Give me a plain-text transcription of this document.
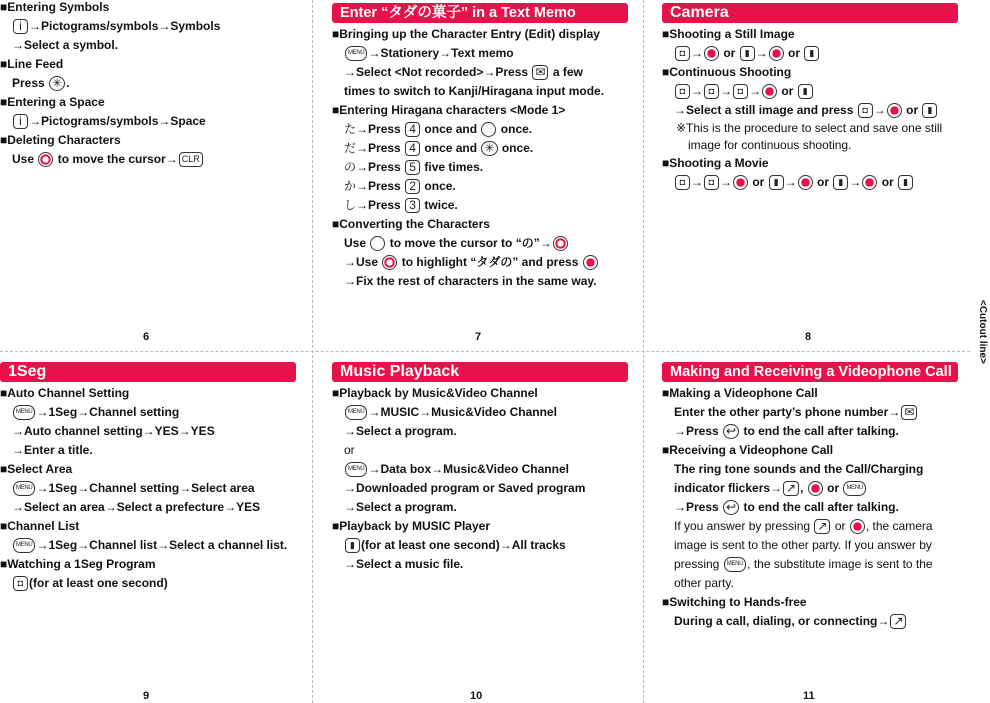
<Cutout line>
■Entering Symbols
i →Pictograms/symbols→Symbols
→Select a symbol.
■Line Feed
Press ✳ .
■Entering a Space
i →Pictograms/symbols→Space
■Deleting Characters
Use to move the cursor→ CLR
6
Enter “タダの菓子” in a Text Memo
■Bringing up the Character Entry (Edit) display
MENU →Stationery→Text memo
→Select <Not recorded>→Press ✉ a few
times to switch to Kanji/Hiragana input mode.
■Entering Hiragana characters <Mode 1>
た→Press 4 once and once.
だ→Press 4 once and ✳ once.
の→Press 5 five times.
か→Press 2 once.
し→Press 3 twice.
■Converting the Characters
Use to move the cursor to “の”→
→Use to highlight “タダの” and press
→Fix the rest of characters in the same way.
7
Camera
■Shooting a Still Image
◘ → or ▮ → or ▮
■Continuous Shooting
◘ → ◘ → ◘ → or ▮
→Select a still image and press ◘ → or ▮
※This is the procedure to select and save one still image for continuous shooting.
■Shooting a Movie
◘ → ◘ → or ▮ → or ▮ → or ▮
8
1Seg
■Auto Channel Setting
MENU →1Seg→Channel setting
→Auto channel setting→YES→YES
→Enter a title.
■Select Area
MENU →1Seg→Channel setting→Select area
→Select an area→Select a prefecture→YES
■Channel List
MENU →1Seg→Channel list→Select a channel list.
■Watching a 1Seg Program
◘ (for at least one second)
9
Music Playback
■Playback by Music&Video Channel
MENU →MUSIC→Music&Video Channel
→Select a program.
or
MENU →Data box→Music&Video Channel
→Downloaded program or Saved program
→Select a program.
■Playback by MUSIC Player
▮ (for at least one second)→All tracks
→Select a music file.
10
Making and Receiving a Videophone Call
■Making a Videophone Call
Enter the other party’s phone number→ ✉
→Press ↩ to end the call after talking.
■Receiving a Videophone Call
The ring tone sounds and the Call/Charging
indicator flickers→ ↗ , or MENU
→Press ↩ to end the call after talking.
If you answer by pressing ↗ or , the camera
image is sent to the other party. If you answer by
pressing MENU , the substitute image is sent to the
other party.
■Switching to Hands-free
During a call, dialing, or connecting→ ↗
11
